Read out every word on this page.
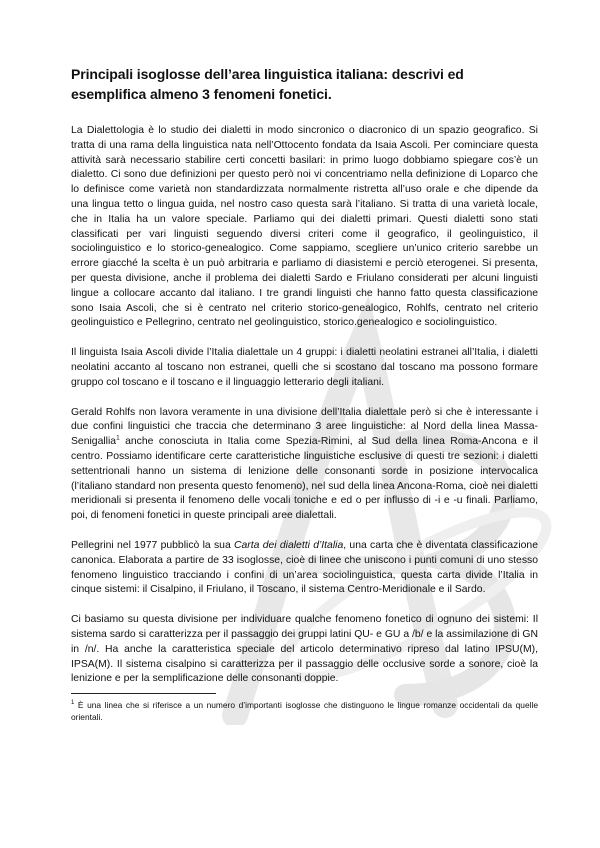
Principali isoglosse dell’area linguistica italiana: descrivi ed esemplifica almeno 3 fenomeni fonetici.

La Dialettologia è lo studio dei dialetti in modo sincronico o diacronico di un spazio geografico. Si tratta di una rama della linguistica nata nell’Ottocento fondata da Isaia Ascoli. Per cominciare questa attività sarà necessario stabilire certi concetti basilari: in primo luogo dobbiamo spiegare cos’è un dialetto. Ci sono due definizioni per questo però noi vi concentriamo nella definizione di Loparco che lo definisce come varietà non standardizzata normalmente ristretta all’uso orale e che dipende da una lingua tetto o lingua guida, nel nostro caso questa sarà l’italiano. Si tratta di una varietà locale, che in Italia ha un valore speciale. Parliamo qui dei dialetti primari. Questi dialetti sono stati classificati per vari linguisti seguendo diversi criteri come il geografico, il geolinguistico, il sociolinguistico e lo storico-genealogico. Come sappiamo, scegliere un’unico criterio sarebbe un errore giacché la scelta è un può arbitraria e parliamo di diasistemi e perciò eterogenei. Si presenta, per questa divisione, anche il problema dei dialetti Sardo e Friulano considerati per alcuni linguisti lingue a collocare accanto dal italiano. I tre grandi linguisti che hanno fatto questa classificazione sono Isaia Ascoli, che si è centrato nel criterio storico-genealogico, Rohlfs, centrato nel criterio geolinguistico e Pellegrino, centrato nel geolinguistico, storico.genealogico e sociolinguistico.

Il linguista Isaia Ascoli divide l’Italia dialettale un 4 gruppi: i dialetti neolatini estranei all’Italia, i dialetti neolatini accanto al toscano non estranei, quelli che si scostano dal toscano ma possono formare gruppo col toscano e il toscano e il linguaggio letterario degli italiani.

Gerald Rohlfs non lavora veramente in una divisione dell’Italia dialettale però si che è interessante i due confini linguistici che traccia che determinano 3 aree linguistiche: al Nord della linea Massa-Senigallia$^1$ anche conosciuta in Italia come Spezia-Rimini, al Sud della linea Roma-Ancona e il centro. Possiamo identificare certe caratteristiche linguistiche esclusive di questi tre sezioni: i dialetti settentrionali hanno un sistema di lenizione delle consonanti sorde in posizione intervocalica (l’italiano standard non presenta questo fenomeno), nel sud della linea Ancona-Roma, cioè nei dialetti meridionali si presenta il fenomeno delle vocali toniche e ed o per influsso di -i e -u finali. Parliamo, poi, di fenomeni fonetici in queste principali aree dialettali.

Pellegrini nel 1977 pubblicò la sua Carta dei dialetti d’Italia, una carta che è diventata classificazione canonica. Elaborata a partire de 33 isoglosse, cioè di linee che uniscono i punti comuni di uno stesso fenomeno linguistico tracciando i confini di un’area sociolinguistica, questa carta divide l’Italia in cinque sistemi: il Cisalpino, il Friulano, il Toscano, il sistema Centro-Meridionale e il Sardo.

Ci basiamo su questa divisione per individuare qualche fenomeno fonetico di ognuno dei sistemi: Il sistema sardo si caratterizza per il passaggio dei gruppi latini QU- e GU a /b/ e la assimilazione di GN in /n/. Ha anche la caratteristica speciale del articolo determinativo ripreso dal latino IPSU(M), IPSA(M). Il sistema cisalpino si caratterizza per il passaggio delle occlusive sorde a sonore, cioè la lenizione e per la semplificazione delle consonanti doppie.

$^1$ È una linea che si riferisce a un numero d’importanti isoglosse che distinguono le lingue romanze occidentali da quelle orientali.
